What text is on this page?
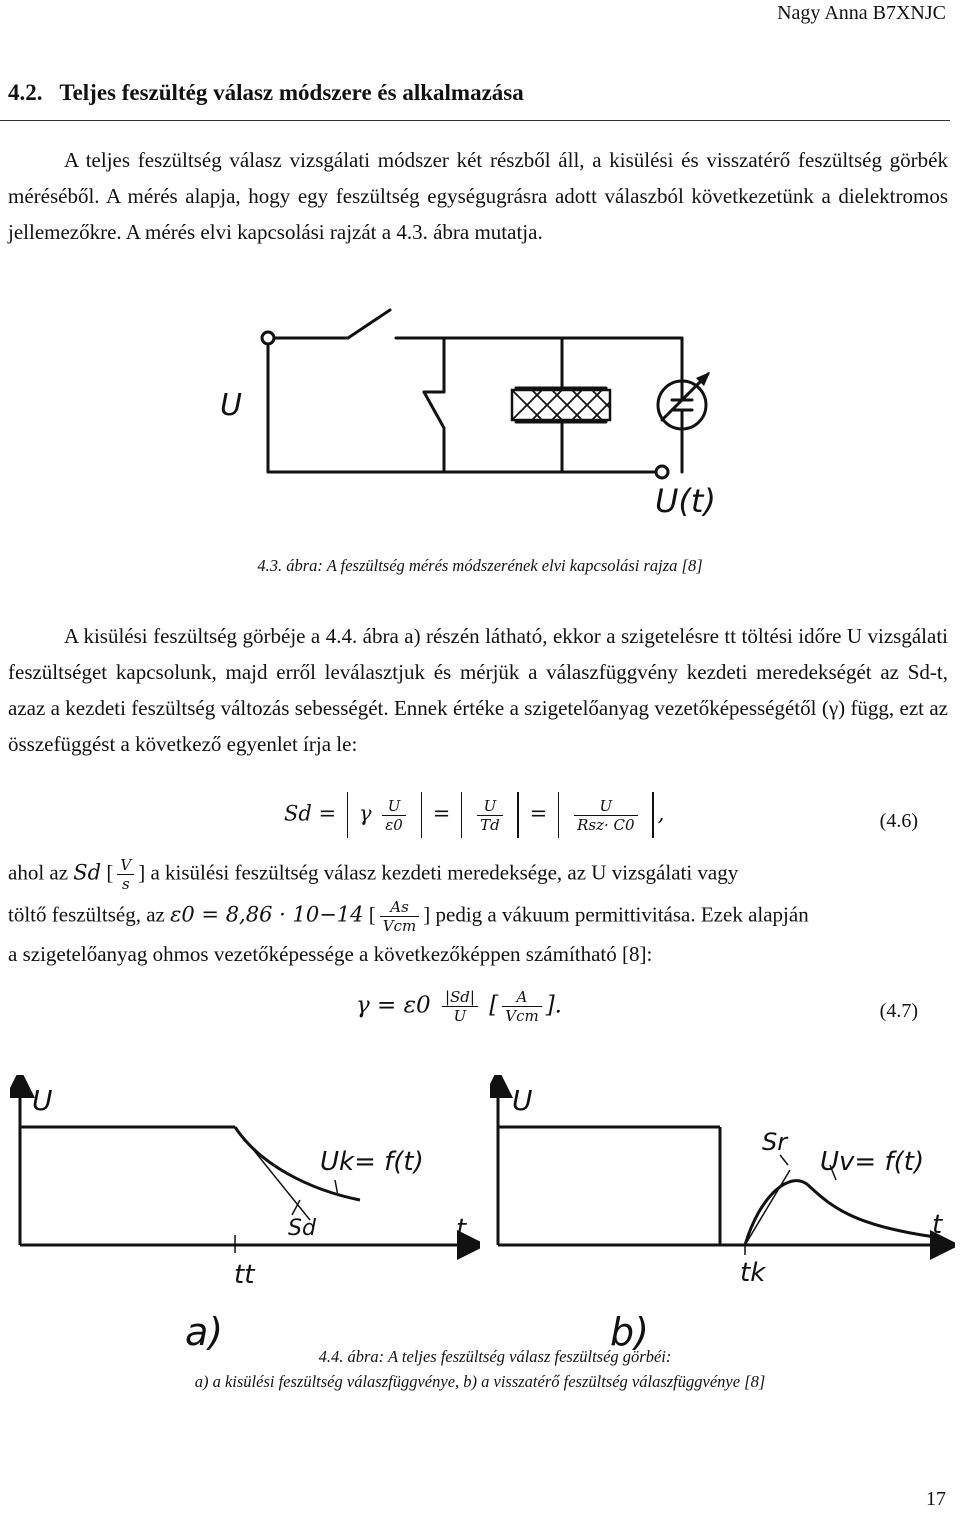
Nagy Anna B7XNJC
4.2. Teljes feszültég válasz módszere és alkalmazása
A teljes feszültség válasz vizsgálati módszer két részből áll, a kisülési és visszatérő feszültség görbék méréséből. A mérés alapja, hogy egy feszültség egységugrásra adott válaszból következetünk a dielektromos jellemezőkre. A mérés elvi kapcsolási rajzát a 4.3. ábra mutatja.
U
U(t)
4.3. ábra: A feszültség mérés módszerének elvi kapcsolási rajza [8]
A kisülési feszültség görbéje a 4.4. ábra a) részén látható, ekkor a szigetelésre tt töltési időre U vizsgálati feszültséget kapcsolunk, majd erről leválasztjuk és mérjük a válaszfüggvény kezdeti meredekségét az Sd-t, azaz a kezdeti feszültség változás sebességét. Ennek értéke a szigetelőanyag vezetőképességétől (γ) függ, ezt az összefüggést a következő egyenlet írja le:
Sd = γ $\frac{U}{\varepsilon 0} = \frac{U}{Td} = \frac{U}{\text{Rsz· C0}}$ ,	(4.6)
ahol az Sd [ $\frac{V}{s}$ ] a kisülési feszültség válasz kezdeti meredeksége, az U vizsgálati vagy
töltő feszültség, az ε0 = 8,86 · 10−14 [ $\frac{As}{\text{Vcm}}$ ] pedig a vákuum permittivitása. Ezek alapján
a szigetelőanyag ohmos vezetőképessége a következőképpen számítható [8]:
$\gamma = \varepsilon 0 \frac{|Sd|}{U}$ [ $\frac{A}{\text{Vcm}}$ ].	(4.7)
U
Uk= f(t)
Sd	t
tt
a)
U
Sr
Uv= f(t)
t
tk
b)
4.4. ábra: A teljes feszültség válasz feszültség görbéi:
a) a kisülési feszültség válaszfüggvénye, b) a visszatérő feszültség válaszfüggvénye [8]
17
